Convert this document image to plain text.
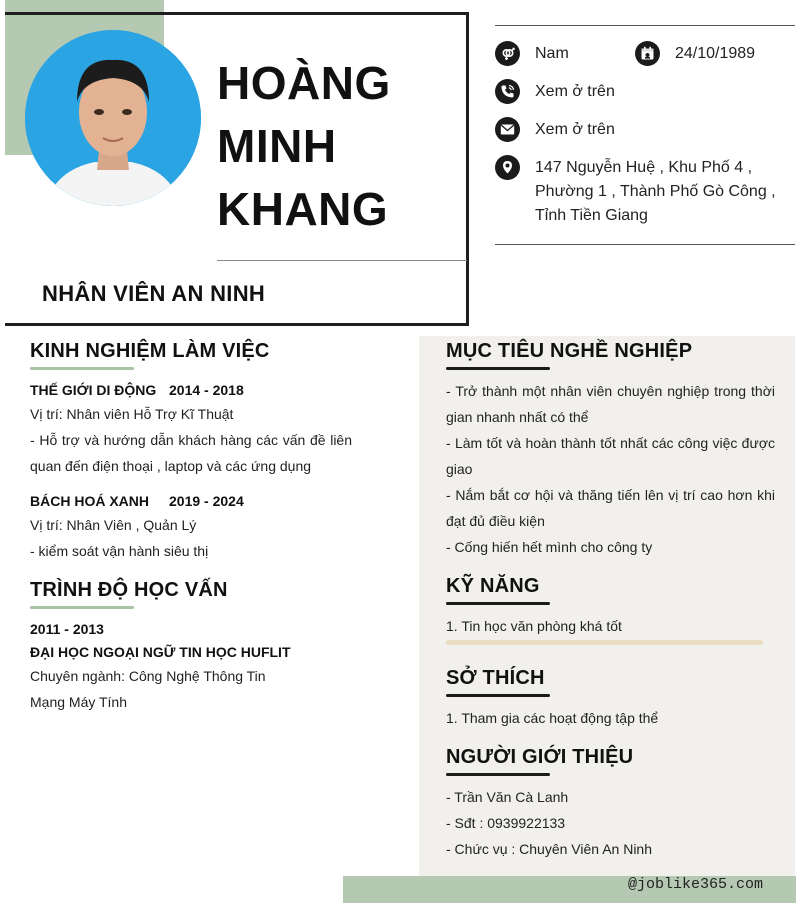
HOÀNG
MINH
KHANG
NHÂN VIÊN AN NINH
Nam	24/10/1989
Xem ở trên
Xem ở trên
147 Nguyễn Huệ , Khu Phố 4 , Phường 1 , Thành Phố Gò Công , Tỉnh Tiền Giang
@joblike365.com
KINH NGHIỆM LÀM VIỆC
THẾ GIỚI DI ĐỘNG 2014 - 2018
Vị trí: Nhân viên Hỗ Trợ Kĩ Thuật
- Hỗ trợ và hướng dẫn khách hàng các vấn đề liên quan đến điện thoại , laptop và các ứng dụng
BÁCH HOÁ XANH 2019 - 2024
Vị trí: Nhân Viên , Quản Lý
- kiểm soát vận hành siêu thị
TRÌNH ĐỘ HỌC VẤN
2011 - 2013
ĐẠI HỌC NGOẠI NGỮ TIN HỌC HUFLIT
Chuyên ngành: Công Nghệ Thông Tin
Mạng Máy Tính
MỤC TIÊU NGHỀ NGHIỆP
- Trở thành một nhân viên chuyên nghiệp trong thời gian nhanh nhất có thể
- Làm tốt và hoàn thành tốt nhất các công việc được giao
- Nắm bắt cơ hội và thăng tiến lên vị trí cao hơn khi đạt đủ điều kiện
- Cống hiến hết mình cho công ty
KỸ NĂNG
1. Tin học văn phòng khá tốt
SỞ THÍCH
1. Tham gia các hoạt động tập thể
NGƯỜI GIỚI THIỆU
- Trần Văn Cà Lanh
- Sđt : 0939922133
- Chức vụ : Chuyên Viên An Ninh
